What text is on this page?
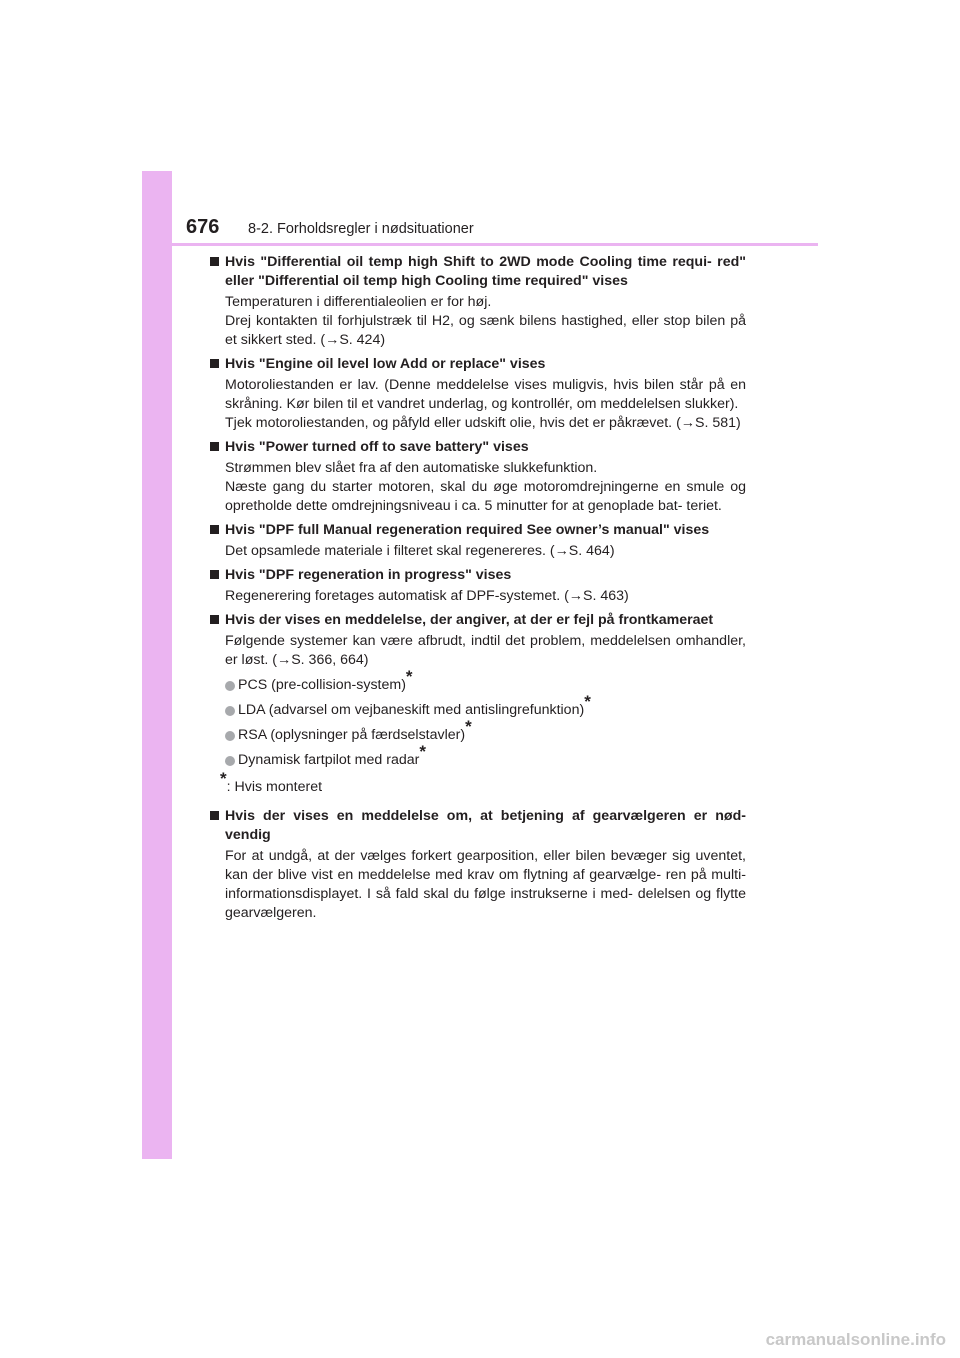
676 8-2. Forholdsregler i nødsituationer
Hvis "Differential oil temp high Shift to 2WD mode Cooling time requi- red" eller "Differential oil temp high Cooling time required" vises

Temperaturen i differentialeolien er for høj.

Drej kontakten til forhjulstræk til H2, og sænk bilens hastighed, eller stop bilen på et sikkert sted. (→S. 424)

Hvis "Engine oil level low Add or replace" vises

Motoroliestanden er lav. (Denne meddelelse vises muligvis, hvis bilen står på en skråning. Kør bilen til et vandret underlag, og kontrollér, om meddelelsen slukker).

Tjek motoroliestanden, og påfyld eller udskift olie, hvis det er påkrævet. (→S. 581)

Hvis "Power turned off to save battery" vises

Strømmen blev slået fra af den automatiske slukkefunktion.

Næste gang du starter motoren, skal du øge motoromdrejningerne en smule og opretholde dette omdrejningsniveau i ca. 5 minutter for at genoplade bat- teriet.

Hvis "DPF full Manual regeneration required See owner’s manual" vises

Det opsamlede materiale i filteret skal regenereres. (→S. 464)

Hvis "DPF regeneration in progress" vises

Regenerering foretages automatisk af DPF-systemet. (→S. 463)

Hvis der vises en meddelelse, der angiver, at der er fejl på frontkameraet

Følgende systemer kan være afbrudt, indtil det problem, meddelelsen omhandler, er løst. (→S. 366, 664)

PCS (pre-collision-system)*
LDA (advarsel om vejbaneskift med antislingrefunktion)*
RSA (oplysninger på færdselstavler)*
Dynamisk fartpilot med radar*
*: Hvis monteret
Hvis der vises en meddelelse om, at betjening af gearvælgeren er nød- vendig

For at undgå, at der vælges forkert gearposition, eller bilen bevæger sig uventet, kan der blive vist en meddelelse med krav om flytning af gearvælge- ren på multi-informationsdisplayet. I så fald skal du følge instrukserne i med- delelsen og flytte gearvælgeren.

carmanualsonline.info
